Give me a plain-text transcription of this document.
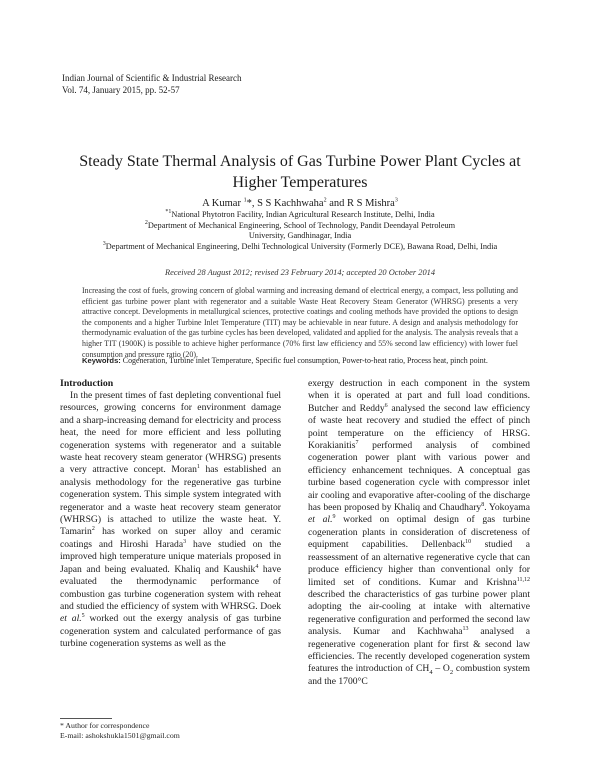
Indian Journal of Scientific & Industrial Research
Vol. 74, January 2015, pp. 52-57
Steady State Thermal Analysis of Gas Turbine Power Plant Cycles at
Higher Temperatures
A Kumar $^1$*, S S Kachhwaha$^2$ and R S Mishra$^3$
$^{*1}$National Phytotron Facility, Indian Agricultural Research Institute, Delhi, India
$^2$Department of Mechanical Engineering, School of Technology, Pandit Deendayal Petroleum
University, Gandhinagar, India
$^3$Department of Mechanical Engineering, Delhi Technological University (Formerly DCE), Bawana Road, Delhi, India
Received 28 August 2012; revised 23 February 2014; accepted 20 October 2014
Increasing the cost of fuels, growing concern of global warming and increasing demand of electrical energy, a compact, less polluting and efficient gas turbine power plant with regenerator and a suitable Waste Heat Recovery Steam Generator (WHRSG) presents a very attractive concept. Developments in metallurgical sciences, protective coatings and cooling methods have provided the options to design the components and a higher Turbine Inlet Temperature (TIT) may be achievable in near future. A design and analysis methodology for thermodynamic evaluation of the gas turbine cycles has been developed, validated and applied for the analysis. The analysis reveals that a higher TIT (1900K) is possible to achieve higher performance (70% first law efficiency and 55% second law efficiency) with lower fuel consumption and pressure ratio (20).
Keywords: Cogeneration, Turbine inlet Temperature, Specific fuel consumption, Power-to-heat ratio, Process heat, pinch point.
Introduction

In the present times of fast depleting conventional fuel resources, growing concerns for environment damage and a sharp-increasing demand for electricity and process heat, the need for more efficient and less polluting cogeneration systems with regenerator and a suitable waste heat recovery steam generator (WHRSG) presents a very attractive concept. Moran$^1$ has established an analysis methodology for the regenerative gas turbine cogeneration system. This simple system integrated with regenerator and a waste heat recovery steam generator (WHRSG) is attached to utilize the waste heat. Y. Tamarin$^2$ has worked on super alloy and ceramic coatings and Hiroshi Harada$^3$ have studied on the improved high temperature unique materials proposed in Japan and being evaluated. Khaliq and Kaushik$^4$ have evaluated the thermodynamic performance of combustion gas turbine cogeneration system with reheat and studied the efficiency of system with WHRSG. Doek et al.$^5$ worked out the exergy analysis of gas turbine cogeneration system and calculated performance of gas turbine cogeneration systems as well as the

exergy destruction in each component in the system when it is operated at part and full load conditions. Butcher and Reddy$^6$ analysed the second law efficiency of waste heat recovery and studied the effect of pinch point temperature on the efficiency of HRSG. Korakianitis$^7$ performed analysis of combined cogeneration power plant with various power and efficiency enhancement techniques. A conceptual gas turbine based cogeneration cycle with compressor inlet air cooling and evaporative after-cooling of the discharge has been proposed by Khaliq and Chaudhary$^8$. Yokoyama et al.$^9$ worked on optimal design of gas turbine cogeneration plants in consideration of discreteness of equipment capabilities. Dellenback$^{10}$ studied a reassessment of an alternative regenerative cycle that can produce efficiency higher than conventional only for limited set of conditions. Kumar and Krishna$^{11,12}$ described the characteristics of gas turbine power plant adopting the air-cooling at intake with alternative regenerative configuration and performed the second law analysis. Kumar and Kachhwaha$^{13}$ analysed a regenerative cogeneration plant for first & second law efficiencies. The recently developed cogeneration system features the introduction of $CH_4 - O_2$ combustion system and the 1700°C

* Author for correspondence
E-mail: ashokshukla1501@gmail.com
